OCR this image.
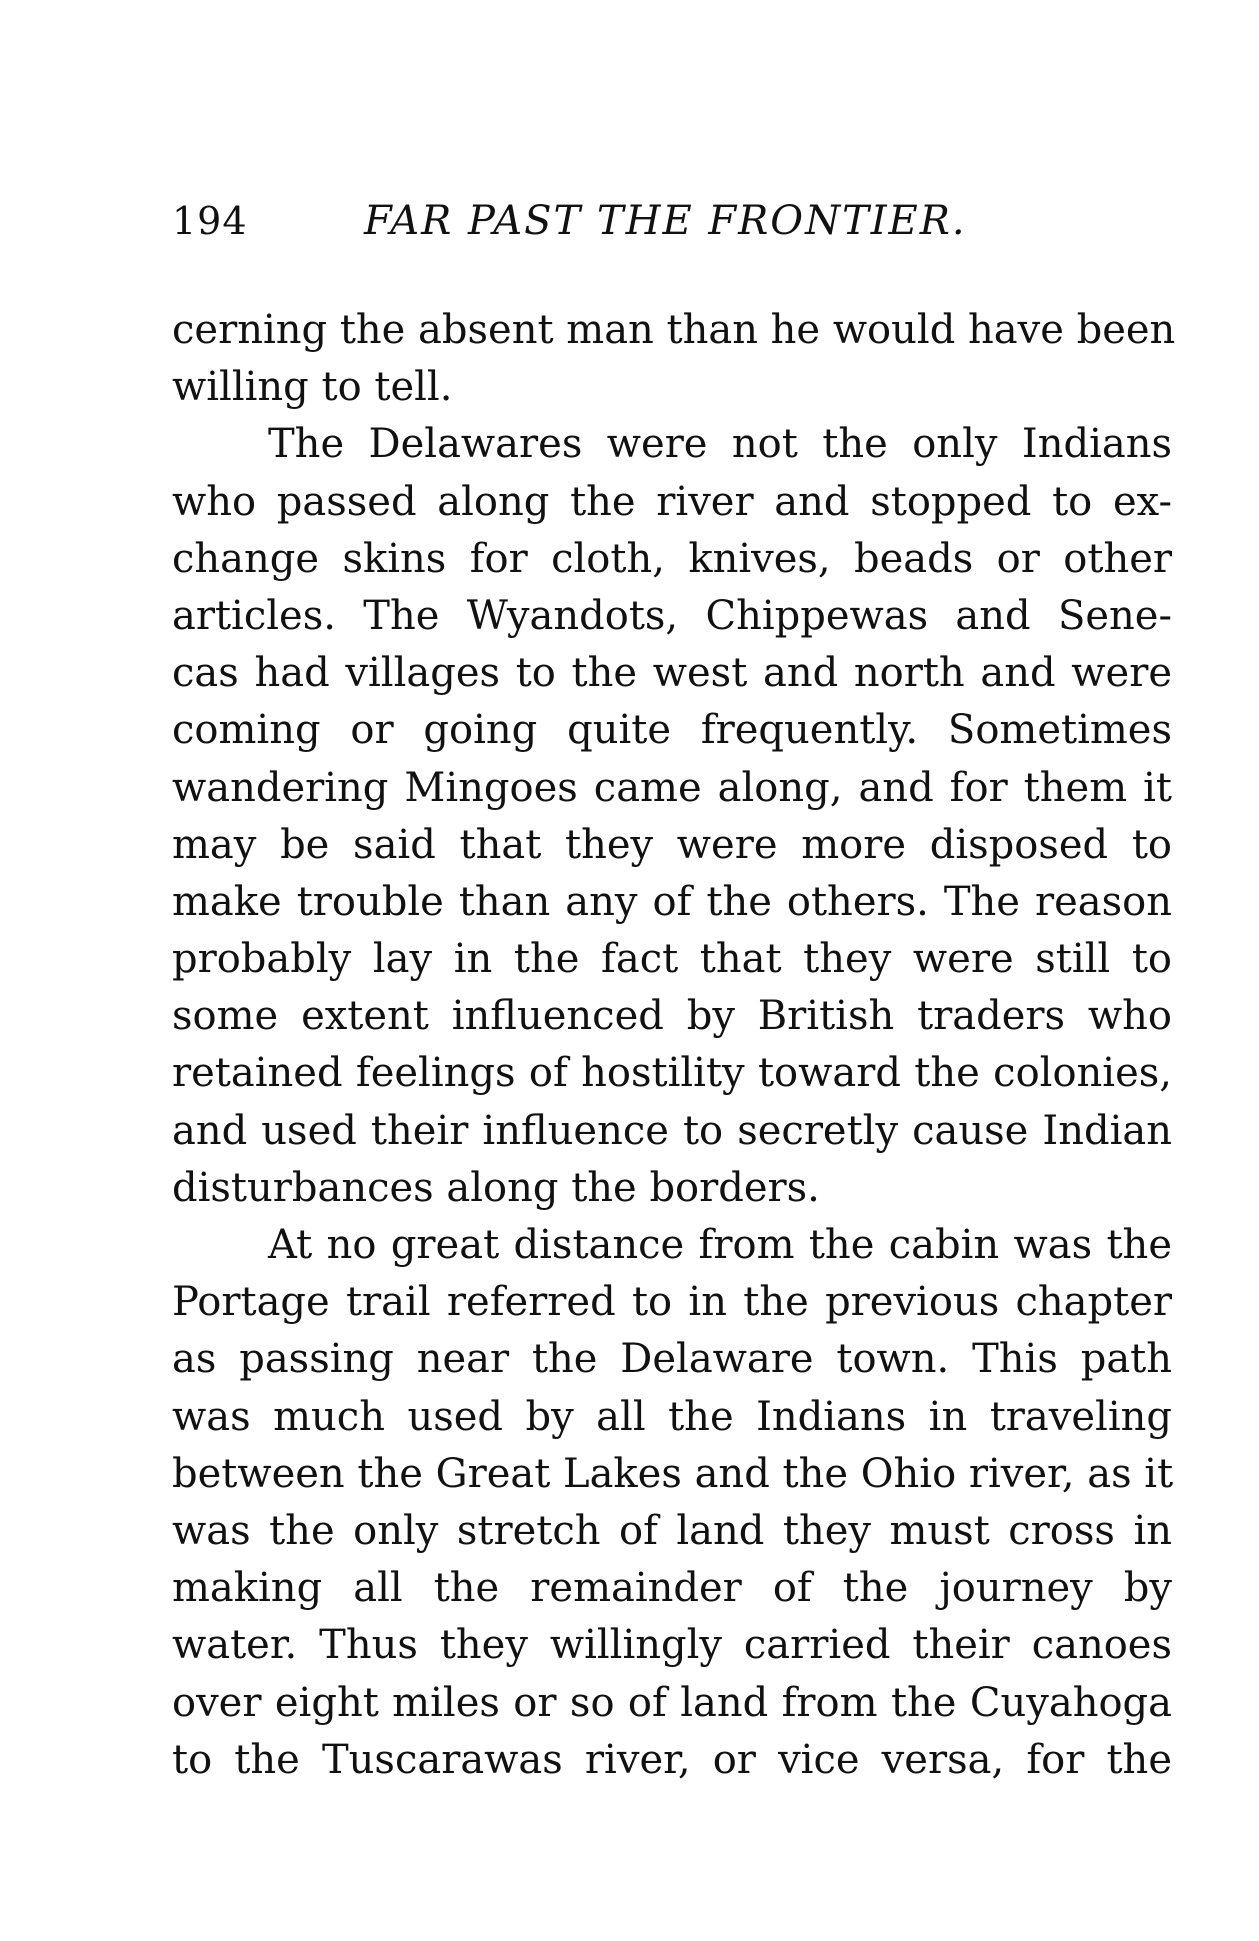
194	FAR PAST THE FRONTIER.
cerning the absent man than he would have been
willing to tell.
The Delawares were not the only Indians
who passed along the river and stopped to ex-
change skins for cloth, knives, beads or other
articles. The Wyandots, Chippewas and Sene-
cas had villages to the west and north and were
coming or going quite frequently. Sometimes
wandering Mingoes came along, and for them it
may be said that they were more disposed to
make trouble than any of the others. The reason
probably lay in the fact that they were still to
some extent influenced by British traders who
retained feelings of hostility toward the colonies,
and used their influence to secretly cause Indian
disturbances along the borders.
At no great distance from the cabin was the
Portage trail referred to in the previous chapter
as passing near the Delaware town. This path
was much used by all the Indians in traveling
between the Great Lakes and the Ohio river, as it
was the only stretch of land they must cross in
making all the remainder of the journey by
water. Thus they willingly carried their canoes
over eight miles or so of land from the Cuyahoga
to the Tuscarawas river, or vice versa, for the
